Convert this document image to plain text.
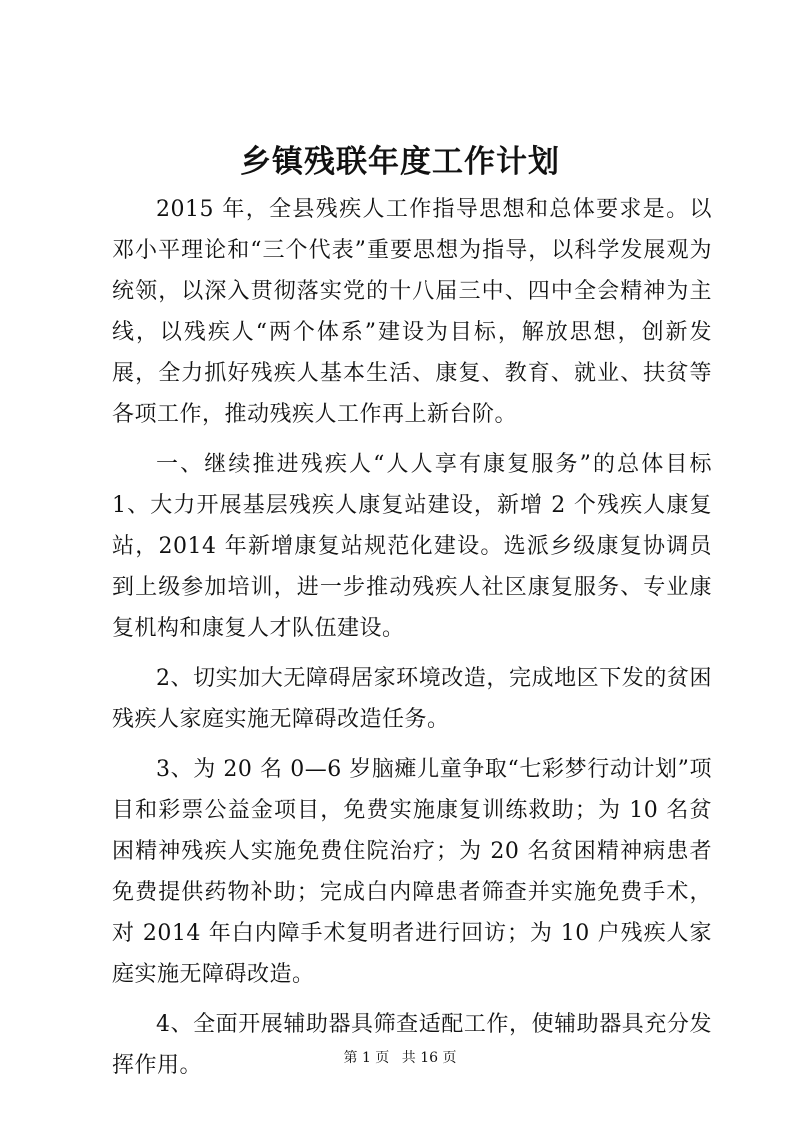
乡镇残联年度工作计划

2015 年，全县残疾人工作指导思想和总体要求是。以邓小平理论和“三个代表”重要思想为指导，以科学发展观为统领，以深入贯彻落实党的十八届三中、四中全会精神为主线，以残疾人“两个体系”建设为目标，解放思想，创新发展，全力抓好残疾人基本生活、康复、教育、就业、扶贫等各项工作，推动残疾人工作再上新台阶。

一、继续推进残疾人“人人享有康复服务”的总体目标 1、大力开展基层残疾人康复站建设，新增 2 个残疾人康复站，2014 年新增康复站规范化建设。选派乡级康复协调员到上级参加培训，进一步推动残疾人社区康复服务、专业康复机构和康复人才队伍建设。

2、切实加大无障碍居家环境改造，完成地区下发的贫困残疾人家庭实施无障碍改造任务。

3、为 20 名 0—6 岁脑瘫儿童争取“七彩梦行动计划”项目和彩票公益金项目，免费实施康复训练救助；为 10 名贫困精神残疾人实施免费住院治疗；为 20 名贫困精神病患者免费提供药物补助；完成白内障患者筛查并实施免费手术，对 2014 年白内障手术复明者进行回访；为 10 户残疾人家庭实施无障碍改造。

4、全面开展辅助器具筛查适配工作，使辅助器具充分发挥作用。	第 1 页 共 16 页
